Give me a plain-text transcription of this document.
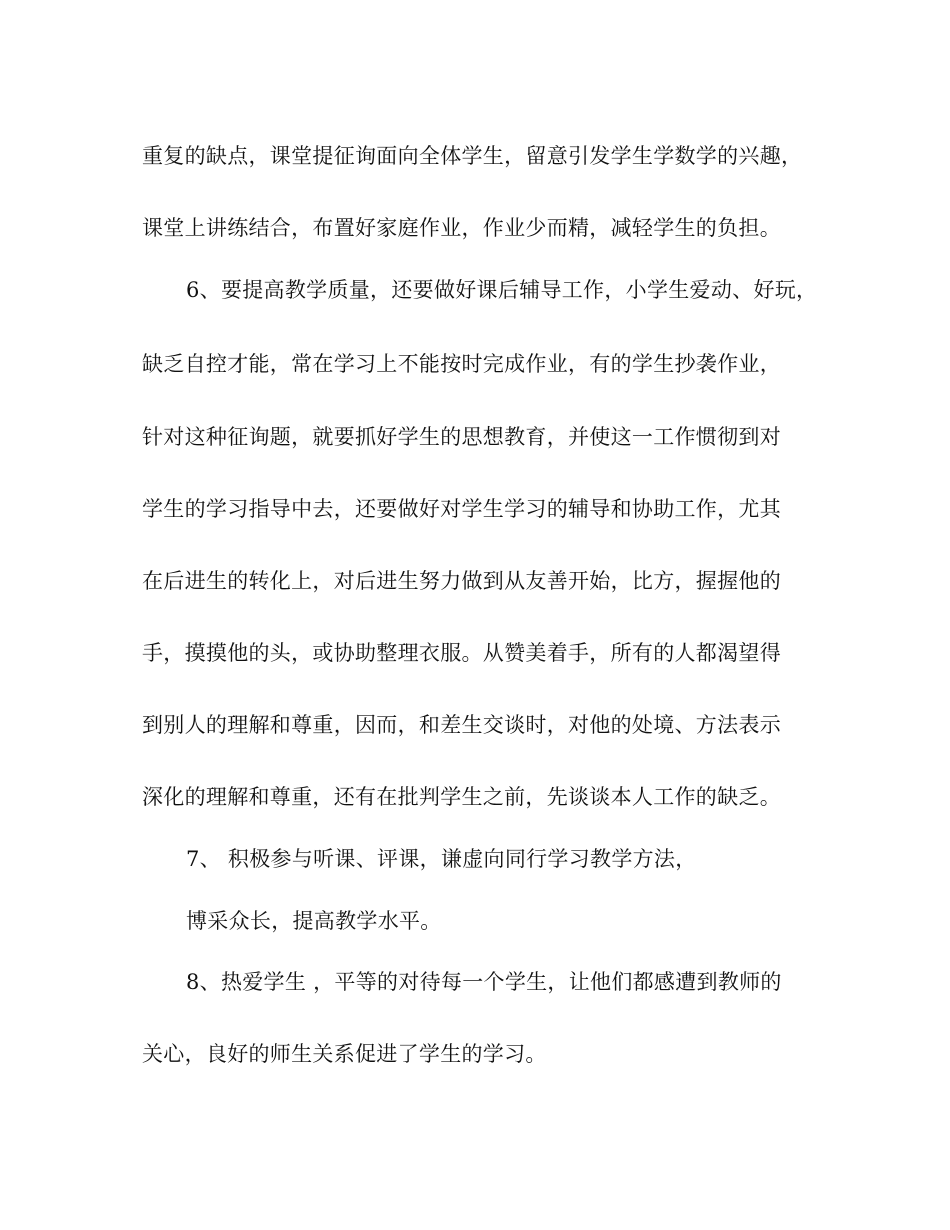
重复的缺点，课堂提征询面向全体学生，留意引发学生学数学的兴趣，

课堂上讲练结合，布置好家庭作业，作业少而精，减轻学生的负担。

6、要提高教学质量，还要做好课后辅导工作，小学生爱动、好玩，

缺乏自控才能，常在学习上不能按时完成作业，有的学生抄袭作业，

针对这种征询题，就要抓好学生的思想教育，并使这一工作惯彻到对

学生的学习指导中去，还要做好对学生学习的辅导和协助工作，尤其

在后进生的转化上，对后进生努力做到从友善开始，比方，握握他的

手，摸摸他的头，或协助整理衣服。从赞美着手，所有的人都渴望得

到别人的理解和尊重，因而，和差生交谈时，对他的处境、方法表示

深化的理解和尊重，还有在批判学生之前，先谈谈本人工作的缺乏。

7、 积极参与听课、评课，谦虚向同行学习教学方法，

博采众长，提高教学水平。

8、热爱学生 ，平等的对待每一个学生，让他们都感遭到教师的

关心，良好的师生关系促进了学生的学习。
